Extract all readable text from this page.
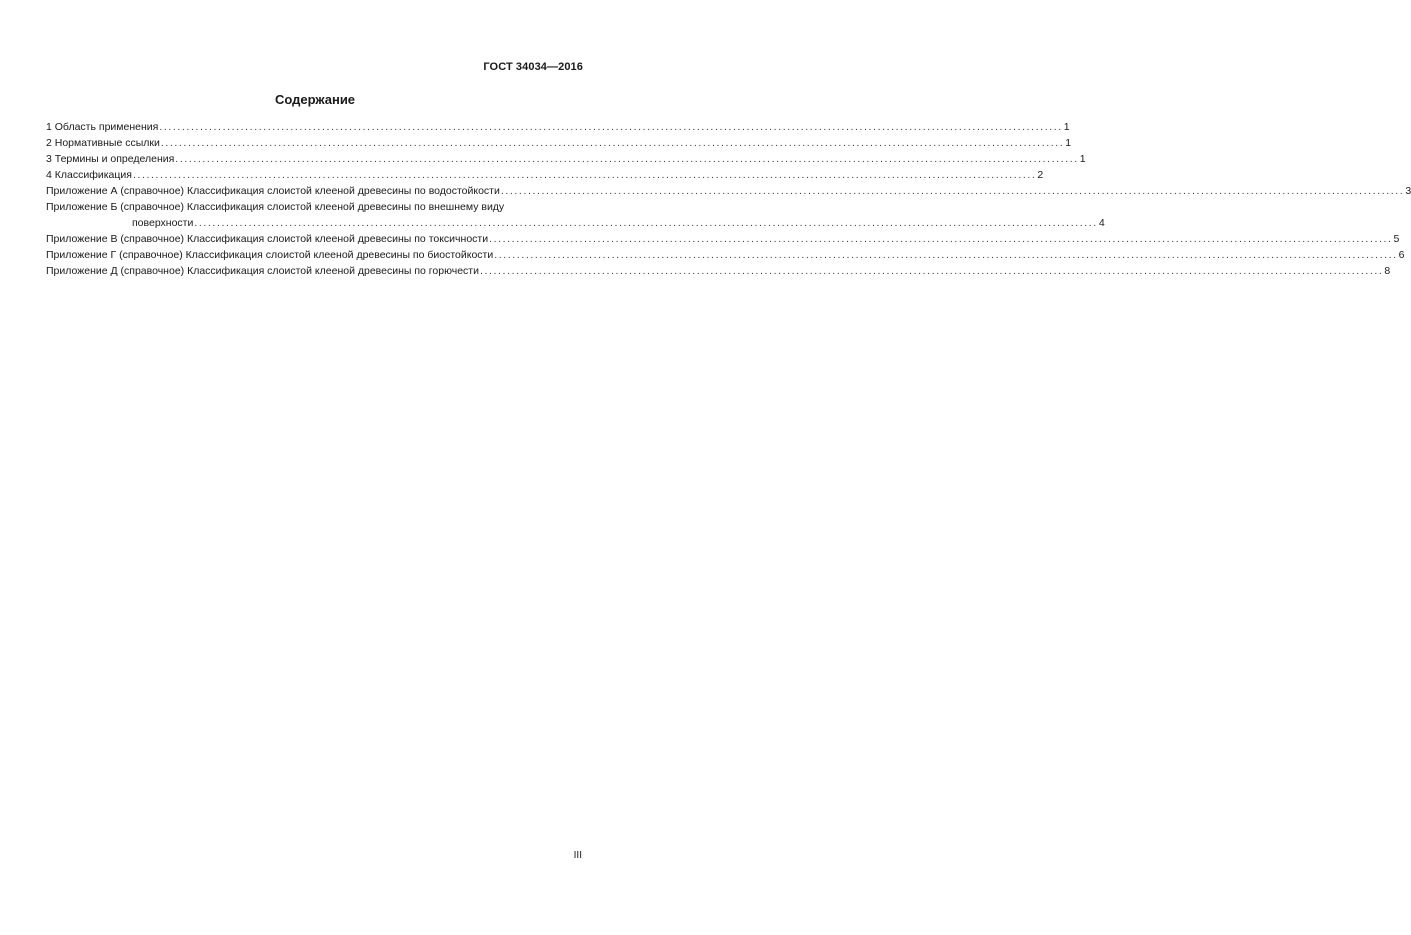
ГОСТ 34034—2016
Содержание
1 Область применения ........................................................................................................................................................................................................ 1
2 Нормативные ссылки ........................................................................................................................................................................................................ 1
3 Термины и определения ........................................................................................................................................................................................................ 1
4 Классификация ........................................................................................................................................................................................................ 2
Приложение А (справочное) Классификация слоистой клееной древесины по водостойкости ........................................................................................................................................................................................................ 3
Приложение Б (справочное) Классификация слоистой клееной древесины по внешнему виду
поверхности ........................................................................................................................................................................................................ 4
Приложение В (справочное) Классификация слоистой клееной древесины по токсичности ........................................................................................................................................................................................................ 5
Приложение Г (справочное) Классификация слоистой клееной древесины по биостойкости ........................................................................................................................................................................................................ 6
Приложение Д (справочное) Классификация слоистой клееной древесины по горючести ........................................................................................................................................................................................................ 8
III
